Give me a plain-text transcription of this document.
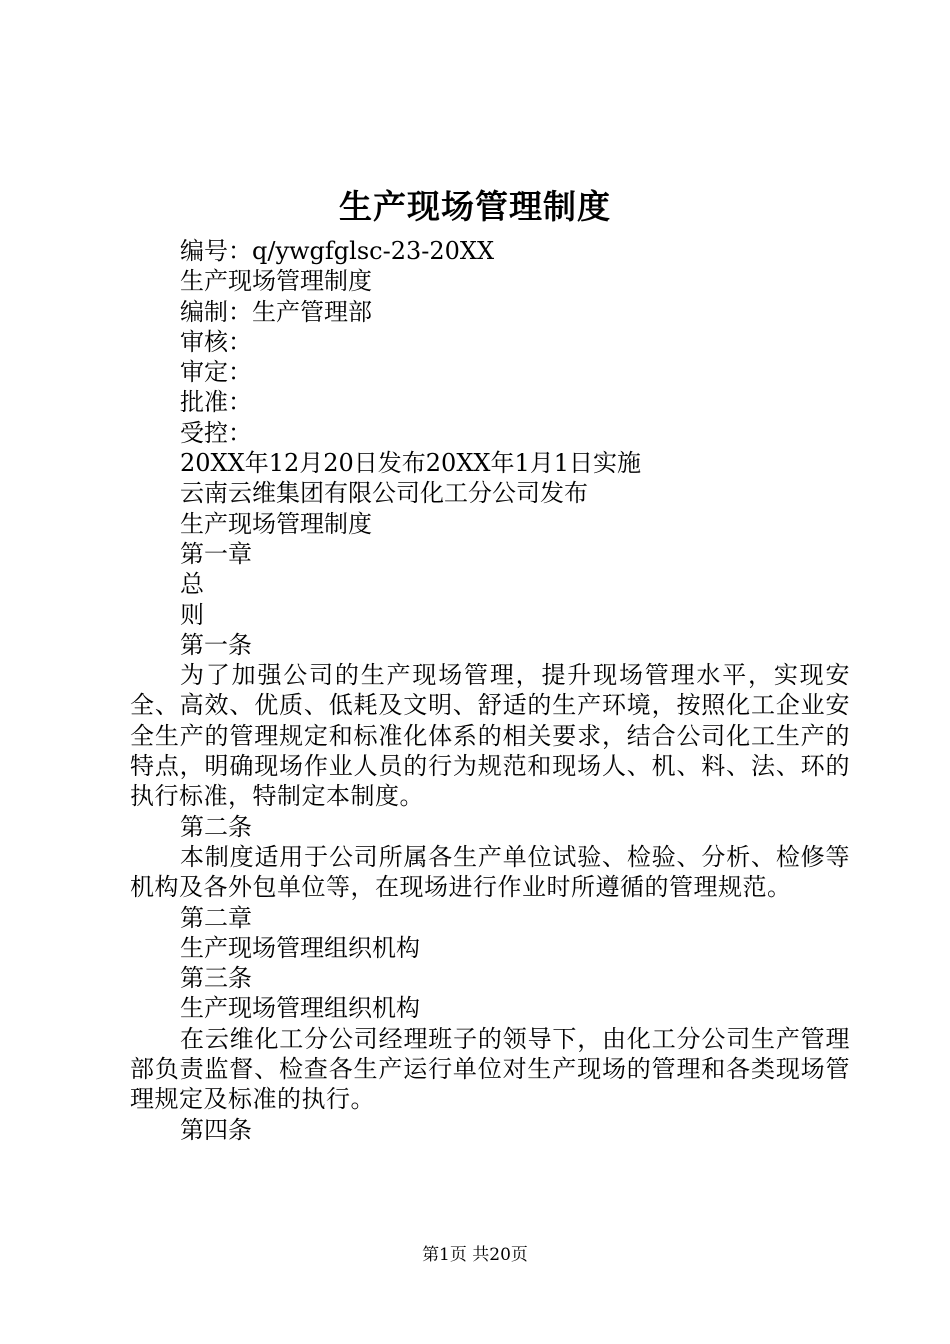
生产现场管理制度

编号：q/ywgfglsc-23-20XX

生产现场管理制度

编制：生产管理部

审核：

审定：

批准：

受控：

20XX年12月20日发布20XX年1月1日实施

云南云维集团有限公司化工分公司发布

生产现场管理制度

第一章

总

则

第一条

为了加强公司的生产现场管理，提升现场管理水平，实现安全、高效、优质、低耗及文明、舒适的生产环境，按照化工企业安全生产的管理规定和标准化体系的相关要求，结合公司化工生产的特点，明确现场作业人员的行为规范和现场人、机、料、法、环的执行标准，特制定本制度。

第二条

本制度适用于公司所属各生产单位试验、检验、分析、检修等机构及各外包单位等，在现场进行作业时所遵循的管理规范。

第二章

生产现场管理组织机构

第三条

生产现场管理组织机构

在云维化工分公司经理班子的领导下，由化工分公司生产管理部负责监督、检查各生产运行单位对生产现场的管理和各类现场管理规定及标准的执行。

第四条

第1页 共20页
